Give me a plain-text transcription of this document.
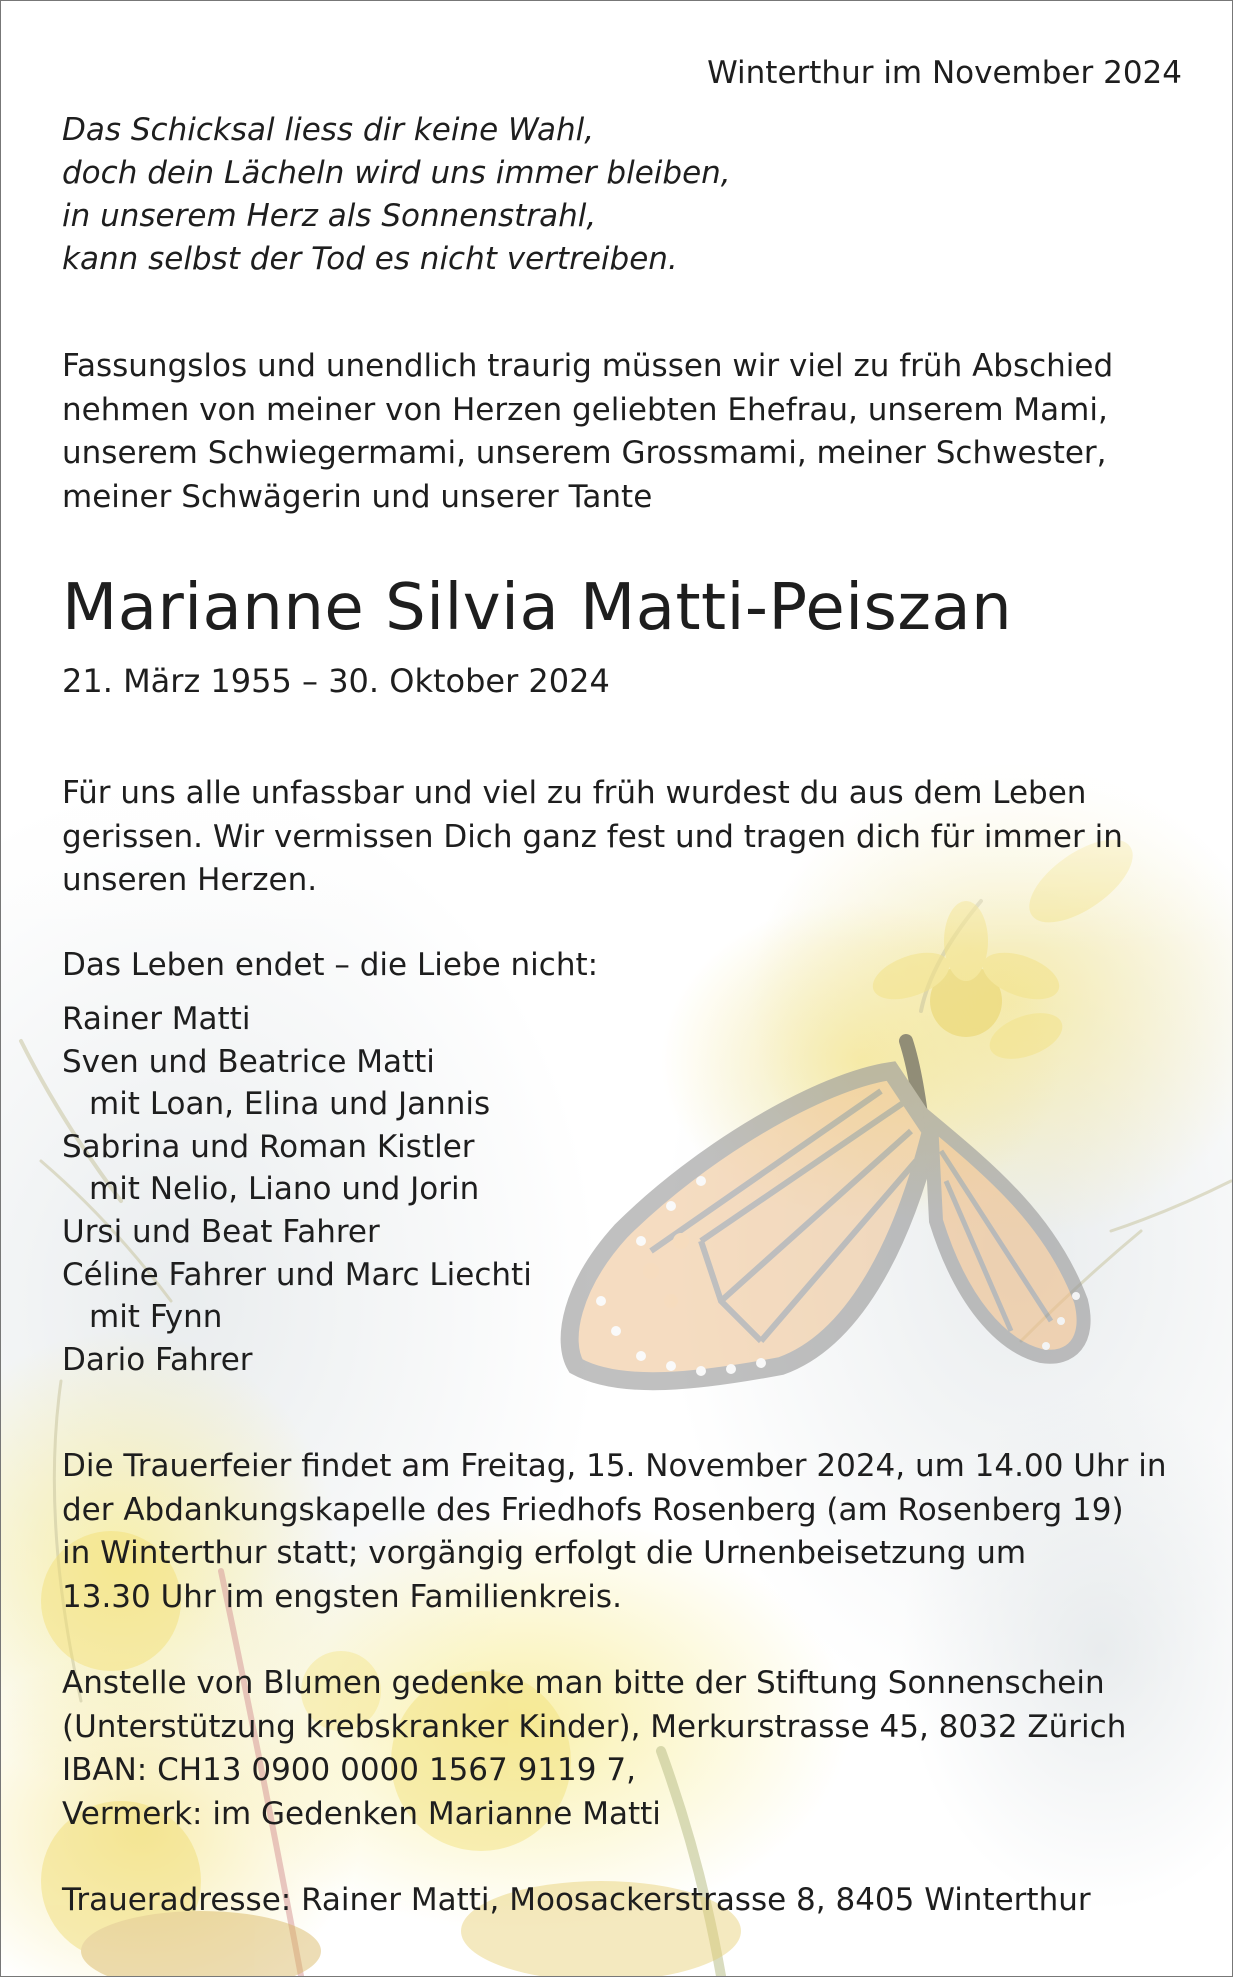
Winterthur im November 2024

Das Schicksal liess dir keine Wahl,
doch dein Lächeln wird uns immer bleiben,
in unserem Herz als Sonnenstrahl,
kann selbst der Tod es nicht vertreiben.
Fassungslos und unendlich traurig müssen wir viel zu früh Abschied
nehmen von meiner von Herzen geliebten Ehefrau, unserem Mami,
unserem Schwiegermami, unserem Grossmami, meiner Schwester,
meiner Schwägerin und unserer Tante
Marianne Silvia Matti-Peiszan

21. März 1955 – 30. Oktober 2024

Für uns alle unfassbar und viel zu früh wurdest du aus dem Leben
gerissen. Wir vermissen Dich ganz fest und tragen dich für immer in
unseren Herzen.

Das Leben endet – die Liebe nicht:

Rainer Matti
Sven und Beatrice Matti
mit Loan, Elina und Jannis
Sabrina und Roman Kistler
mit Nelio, Liano und Jorin
Ursi und Beat Fahrer
Céline Fahrer und Marc Liechti
mit Fynn
Dario Fahrer
Die Trauerfeier findet am Freitag, 15. November 2024, um 14.00 Uhr in
der Abdankungskapelle des Friedhofs Rosenberg (am Rosenberg 19)
in Winterthur statt; vorgängig erfolgt die Urnenbeisetzung um
13.30 Uhr im engsten Familienkreis.
Anstelle von Blumen gedenke man bitte der Stiftung Sonnenschein
(Unterstützung krebskranker Kinder), Merkurstrasse 45, 8032 Zürich
IBAN: CH13 0900 0000 1567 9119 7,
Vermerk: im Gedenken Marianne Matti

Traueradresse: Rainer Matti, Moosackerstrasse 8, 8405 Winterthur
